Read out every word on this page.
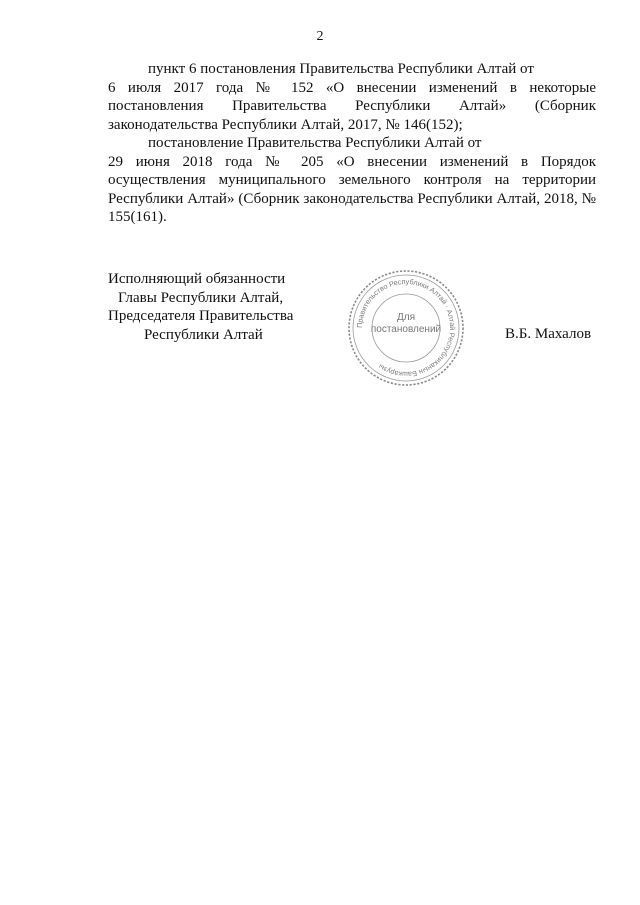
2

пункт 6 постановления Правительства Республики Алтай от

6 июля 2017 года № 152 «О внесении изменений в некоторые постановления Правительства Республики Алтай» (Сборник законодательства Республики Алтай, 2017, № 146(152);

постановление Правительства Республики Алтай от

29 июня 2018 года № 205 «О внесении изменений в Порядок осуществления муниципального земельного контроля на территории Республики Алтай» (Сборник законодательства Республики Алтай, 2018, № 155(161).

Исполняющий обязанности
Главы Республики Алтай,
Председателя Правительства
Республики Алтай
Правительство Республики Алтай · Алтай Республиканын Башкарузы
Для
постановлений	В.Б. Махалов
